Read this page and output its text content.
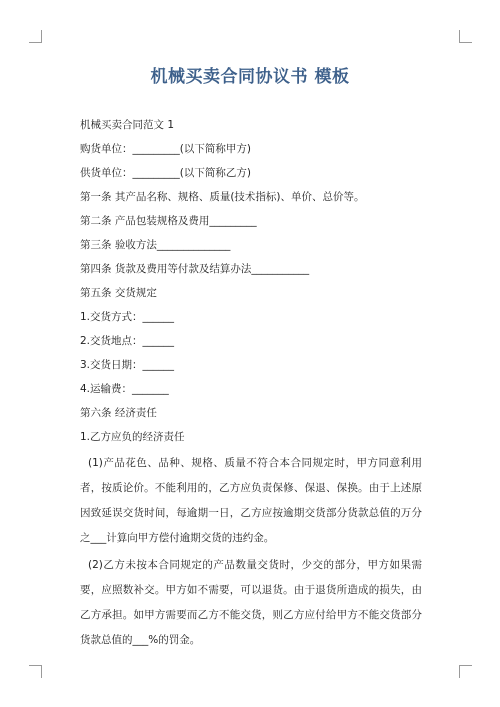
机械买卖合同协议书 模板

机械买卖合同范文 1

购货单位：_________(以下简称甲方)

供货单位：_________(以下简称乙方)

第一条 其产品名称、规格、质量(技术指标)、单价、总价等。

第二条 产品包装规格及费用_________

第三条 验收方法______________

第四条 货款及费用等付款及结算办法___________

第五条 交货规定

1.交货方式：______

2.交货地点：______

3.交货日期：______

4.运输费：_______

第六条 经济责任

1.乙方应负的经济责任

(1)产品花色、品种、规格、质量不符合本合同规定时，甲方同意利用者，按质论价。不能利用的，乙方应负责保修、保退、保换。由于上述原因致延误交货时间，每逾期一日，乙方应按逾期交货部分货款总值的万分之___计算向甲方偿付逾期交货的违约金。

(2)乙方未按本合同规定的产品数量交货时，少交的部分，甲方如果需要，应照数补交。甲方如不需要，可以退货。由于退货所造成的损失，由乙方承担。如甲方需要而乙方不能交货，则乙方应付给甲方不能交货部分货款总值的___%的罚金。
